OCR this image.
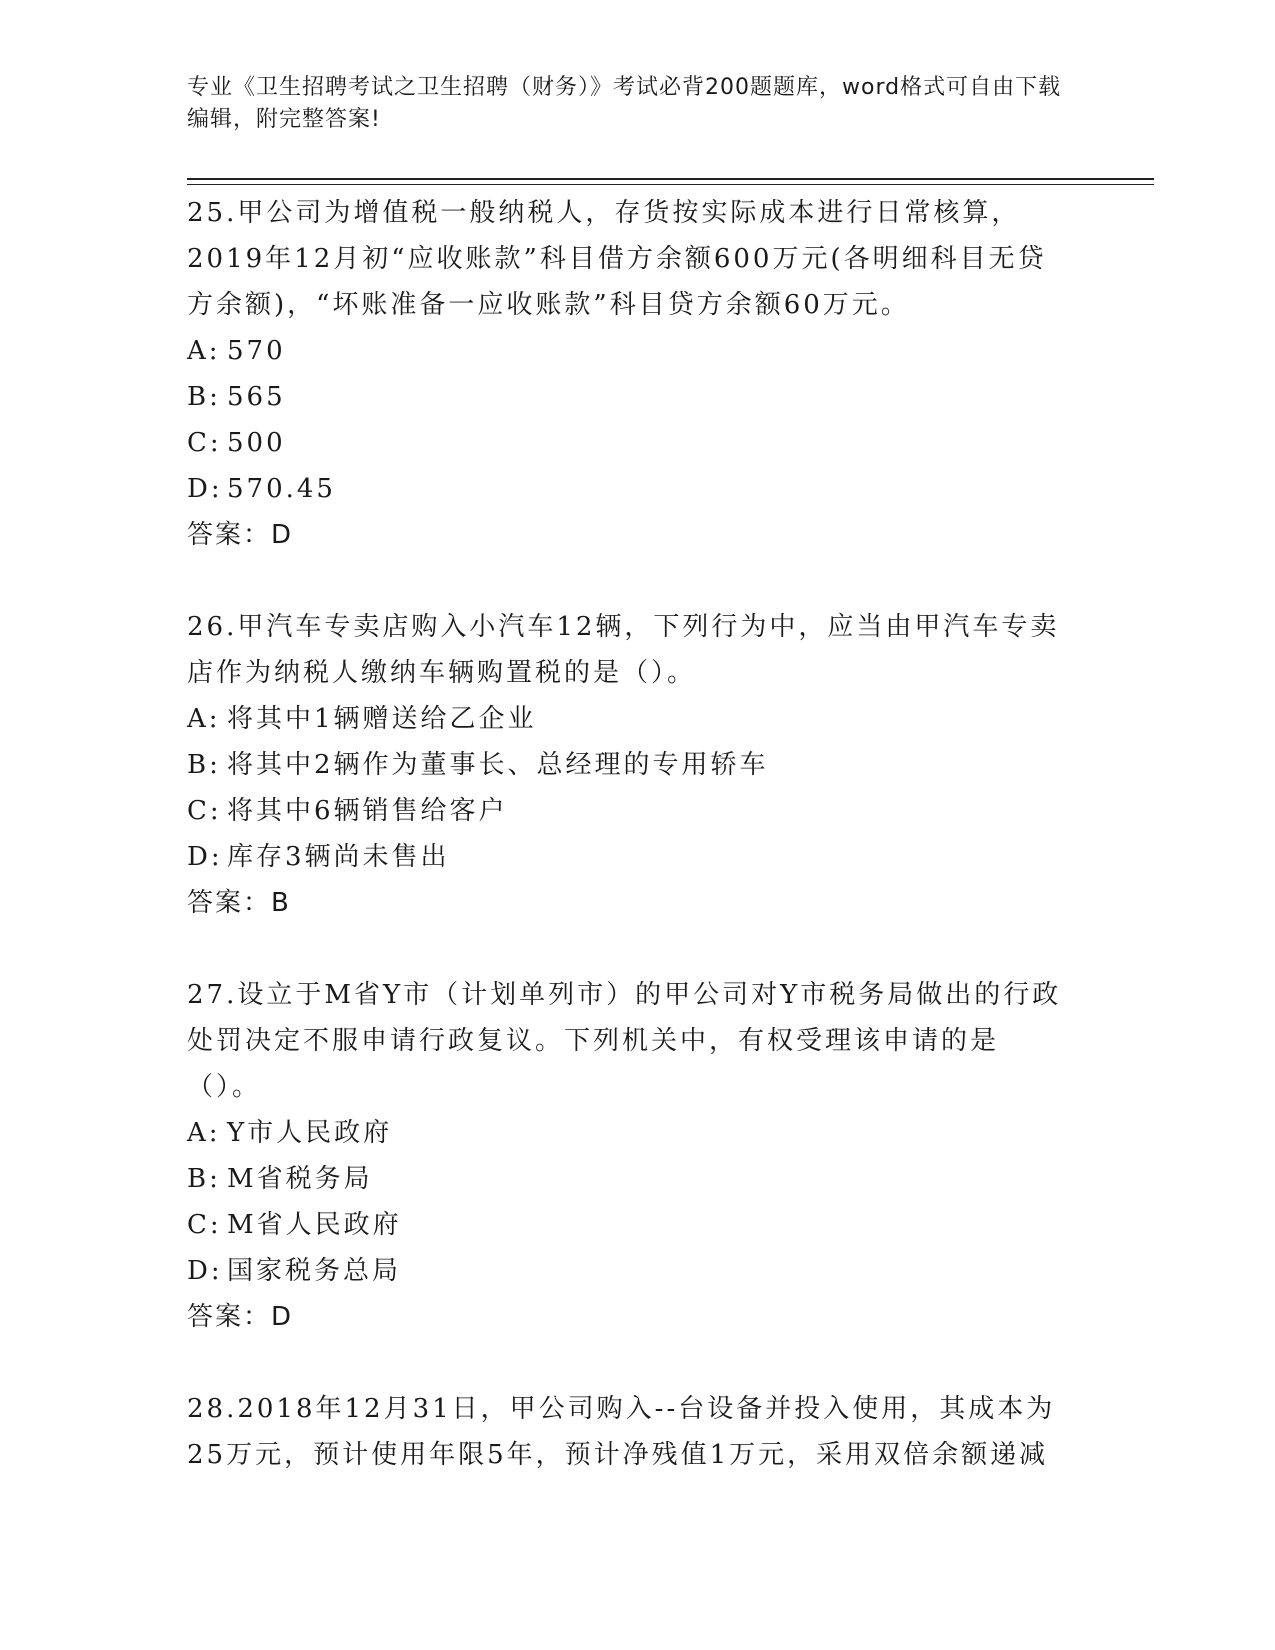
专业《卫生招聘考试之卫生招聘（财务）》考试必背200题题库，word格式可自由下载编辑，附完整答案!

25.甲公司为增值税一般纳税人，存货按实际成本进行日常核算，2019年12月初“应收账款”科目借方余额600万元(各明细科目无贷方余额)，“坏账准备一应收账款”科目贷方余额60万元。

A: 570

B: 565

C: 500

D: 570.45

答案：D

26.甲汽车专卖店购入小汽车12辆，下列行为中，应当由甲汽车专卖店作为纳税人缴纳车辆购置税的是（）。

A: 将其中1辆赠送给乙企业

B: 将其中2辆作为董事长、总经理的专用轿车

C: 将其中6辆销售给客户

D: 库存3辆尚未售出

答案：B

27.设立于M省Y市（计划单列市）的甲公司对Y市税务局做出的行政处罚决定不服申请行政复议。下列机关中，有权受理该申请的是（）。

A: Y市人民政府

B: M省税务局

C: M省人民政府

D: 国家税务总局

答案：D

28.2018年12月31日，甲公司购入--台设备并投入使用，其成本为25万元，预计使用年限5年，预计净残值1万元，采用双倍余额递减
